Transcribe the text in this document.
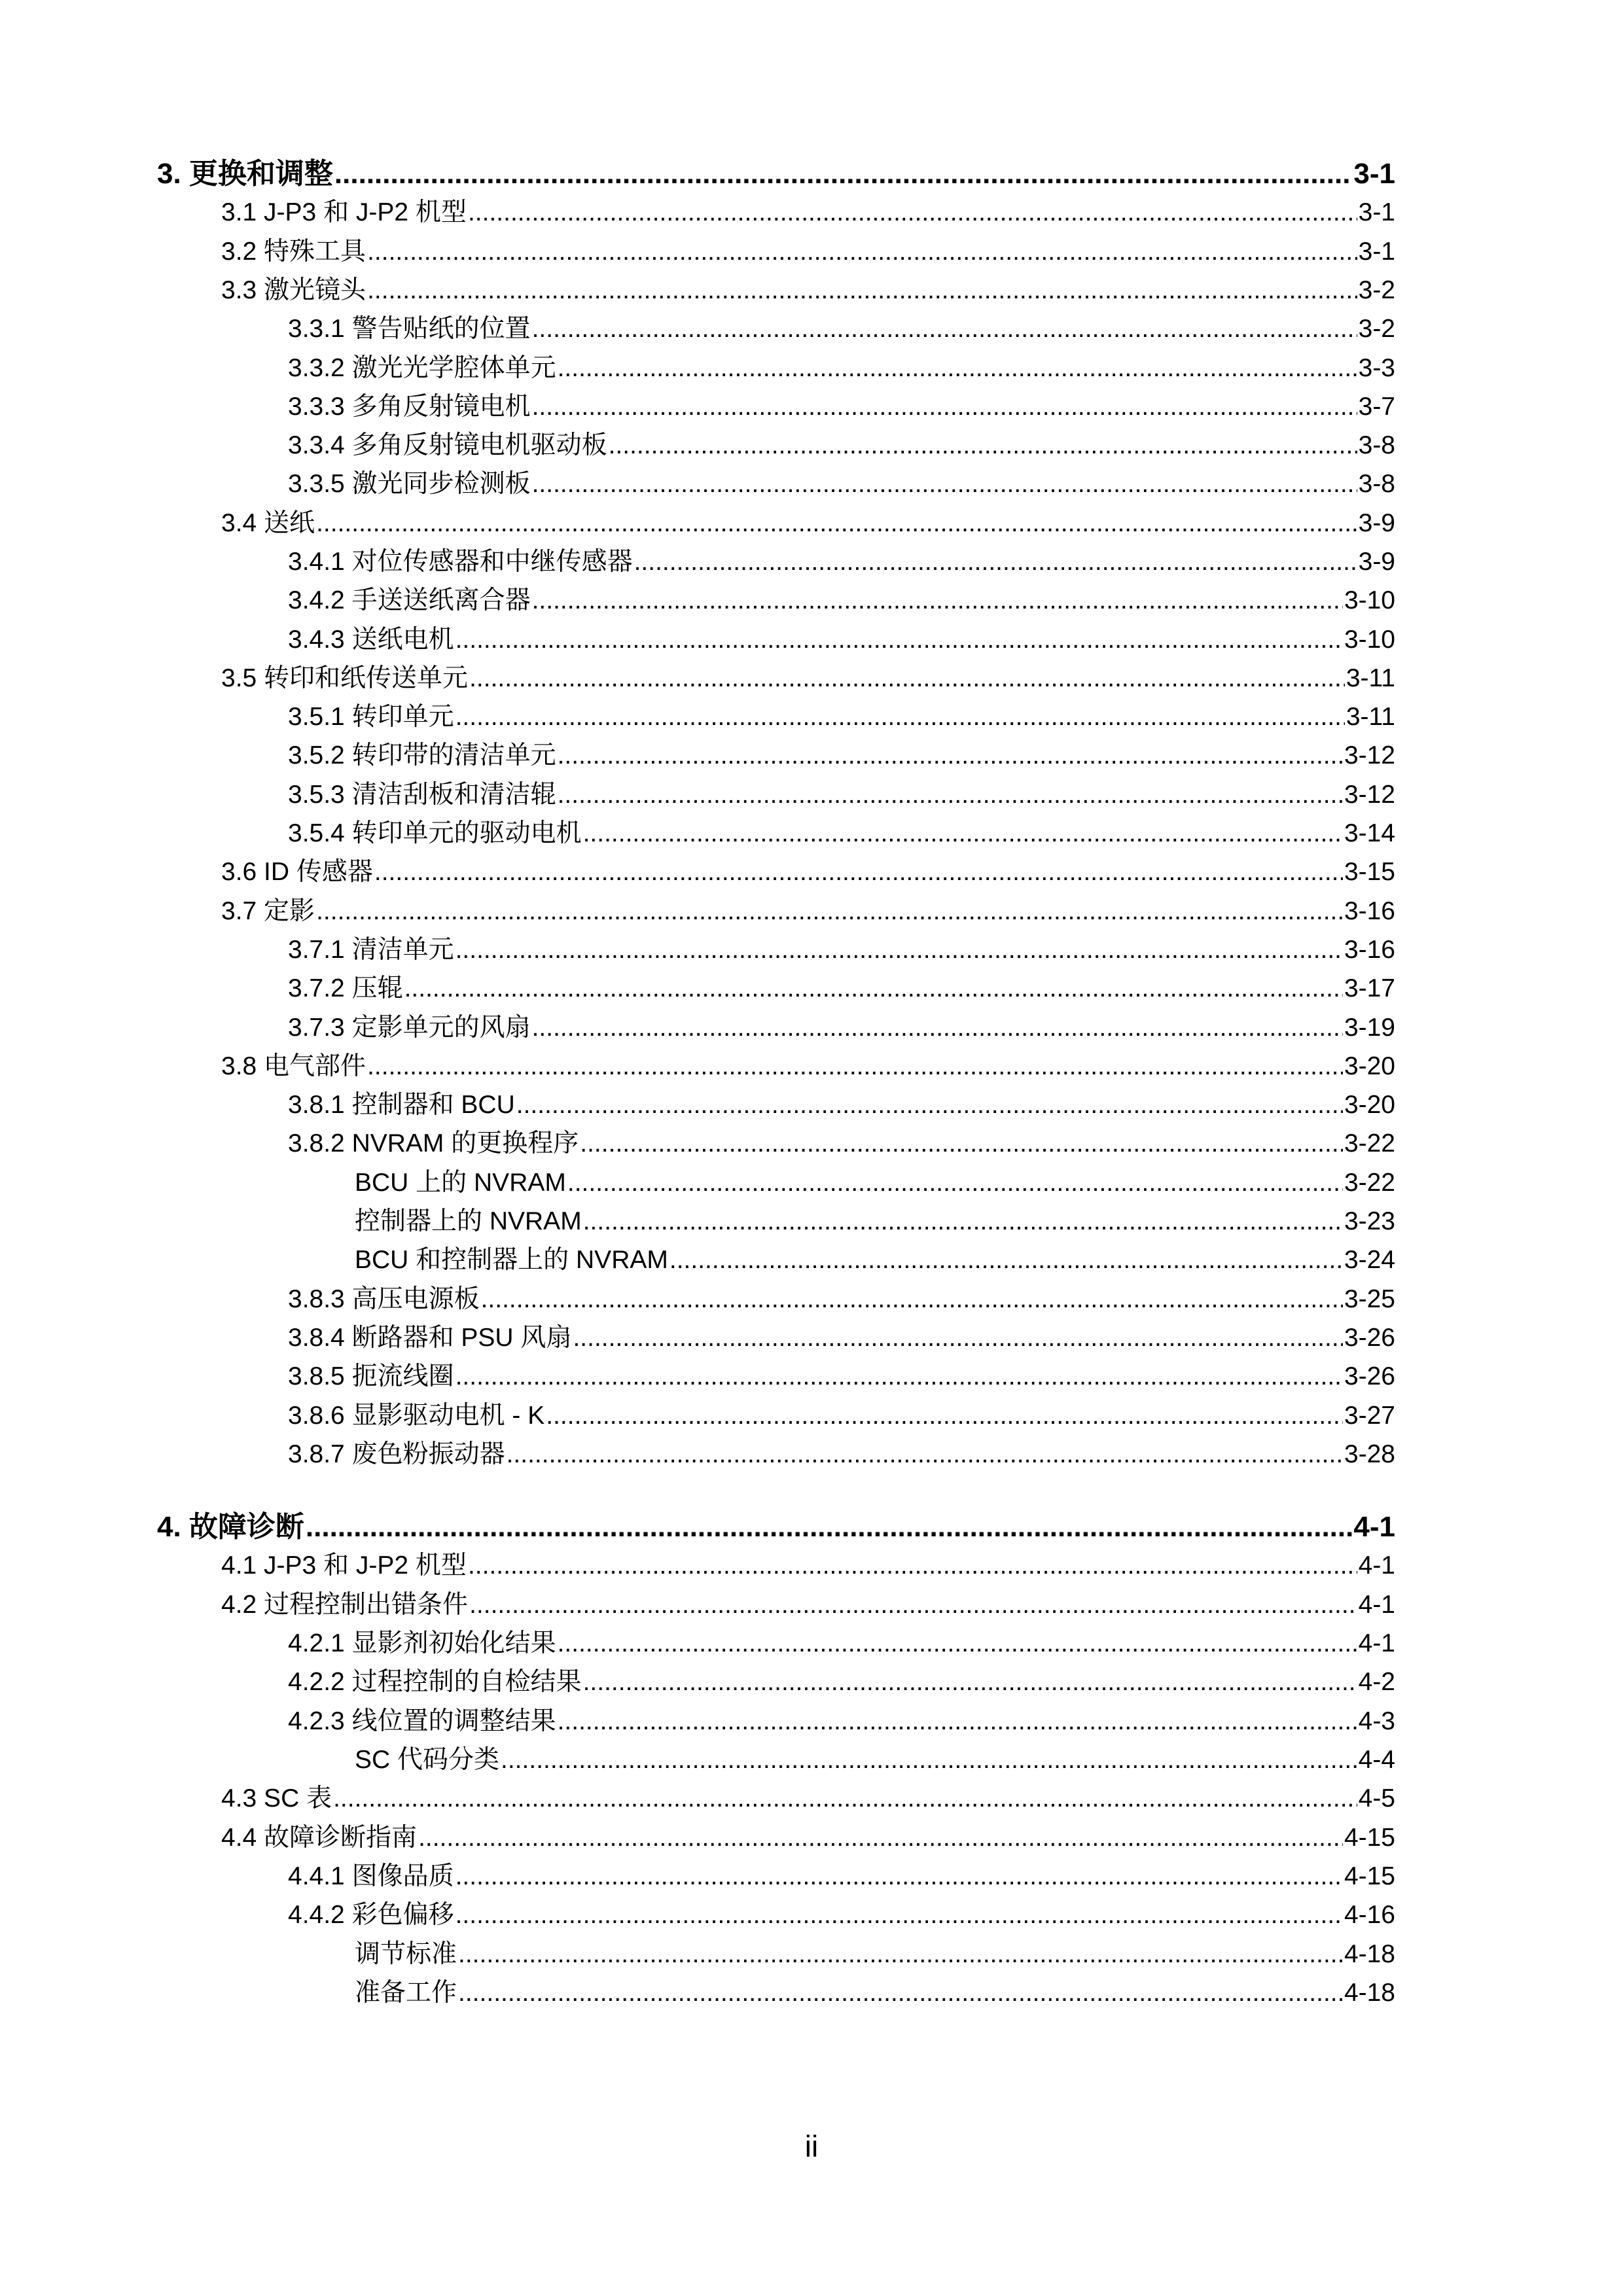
3. 更换和调整 .....	3-1
3.1 J-P3 和 J-P2 机型 .....	3-1
3.2 特殊工具 .....	3-1
3.3 激光镜头 .....	3-2
3.3.1 警告贴纸的位置 .....	3-2
3.3.2 激光光学腔体单元 .....	3-3
3.3.3 多角反射镜电机 .....	3-7
3.3.4 多角反射镜电机驱动板 .....	3-8
3.3.5 激光同步检测板 .....	3-8
3.4 送纸 .....	3-9
3.4.1 对位传感器和中继传感器 .....	3-9
3.4.2 手送送纸离合器 .....	3-10
3.4.3 送纸电机 .....	3-10
3.5 转印和纸传送单元 .....	3-11
3.5.1 转印单元 .....	3-11
3.5.2 转印带的清洁单元 .....	3-12
3.5.3 清洁刮板和清洁辊 .....	3-12
3.5.4 转印单元的驱动电机 .....	3-14
3.6 ID 传感器 .....	3-15
3.7 定影 .....	3-16
3.7.1 清洁单元 .....	3-16
3.7.2 压辊 .....	3-17
3.7.3 定影单元的风扇 .....	3-19
3.8 电气部件 .....	3-20
3.8.1 控制器和 BCU .....	3-20
3.8.2 NVRAM 的更换程序 .....	3-22
BCU 上的 NVRAM .....	3-22
控制器上的 NVRAM .....	3-23
BCU 和控制器上的 NVRAM .....	3-24
3.8.3 高压电源板 .....	3-25
3.8.4 断路器和 PSU 风扇 .....	3-26
3.8.5 扼流线圈 .....	3-26
3.8.6 显影驱动电机 - K .....	3-27
3.8.7 废色粉振动器 .....	3-28
4. 故障诊断 .....	4-1
4.1 J-P3 和 J-P2 机型 .....	4-1
4.2 过程控制出错条件 .....	4-1
4.2.1 显影剂初始化结果 .....	4-1
4.2.2 过程控制的自检结果 .....	4-2
4.2.3 线位置的调整结果 .....	4-3
SC 代码分类 .....	4-4
4.3 SC 表 .....	4-5
4.4 故障诊断指南 .....	4-15
4.4.1 图像品质 .....	4-15
4.4.2 彩色偏移 .....	4-16
调节标准 .....	4-18
准备工作 .....	4-18
ii
